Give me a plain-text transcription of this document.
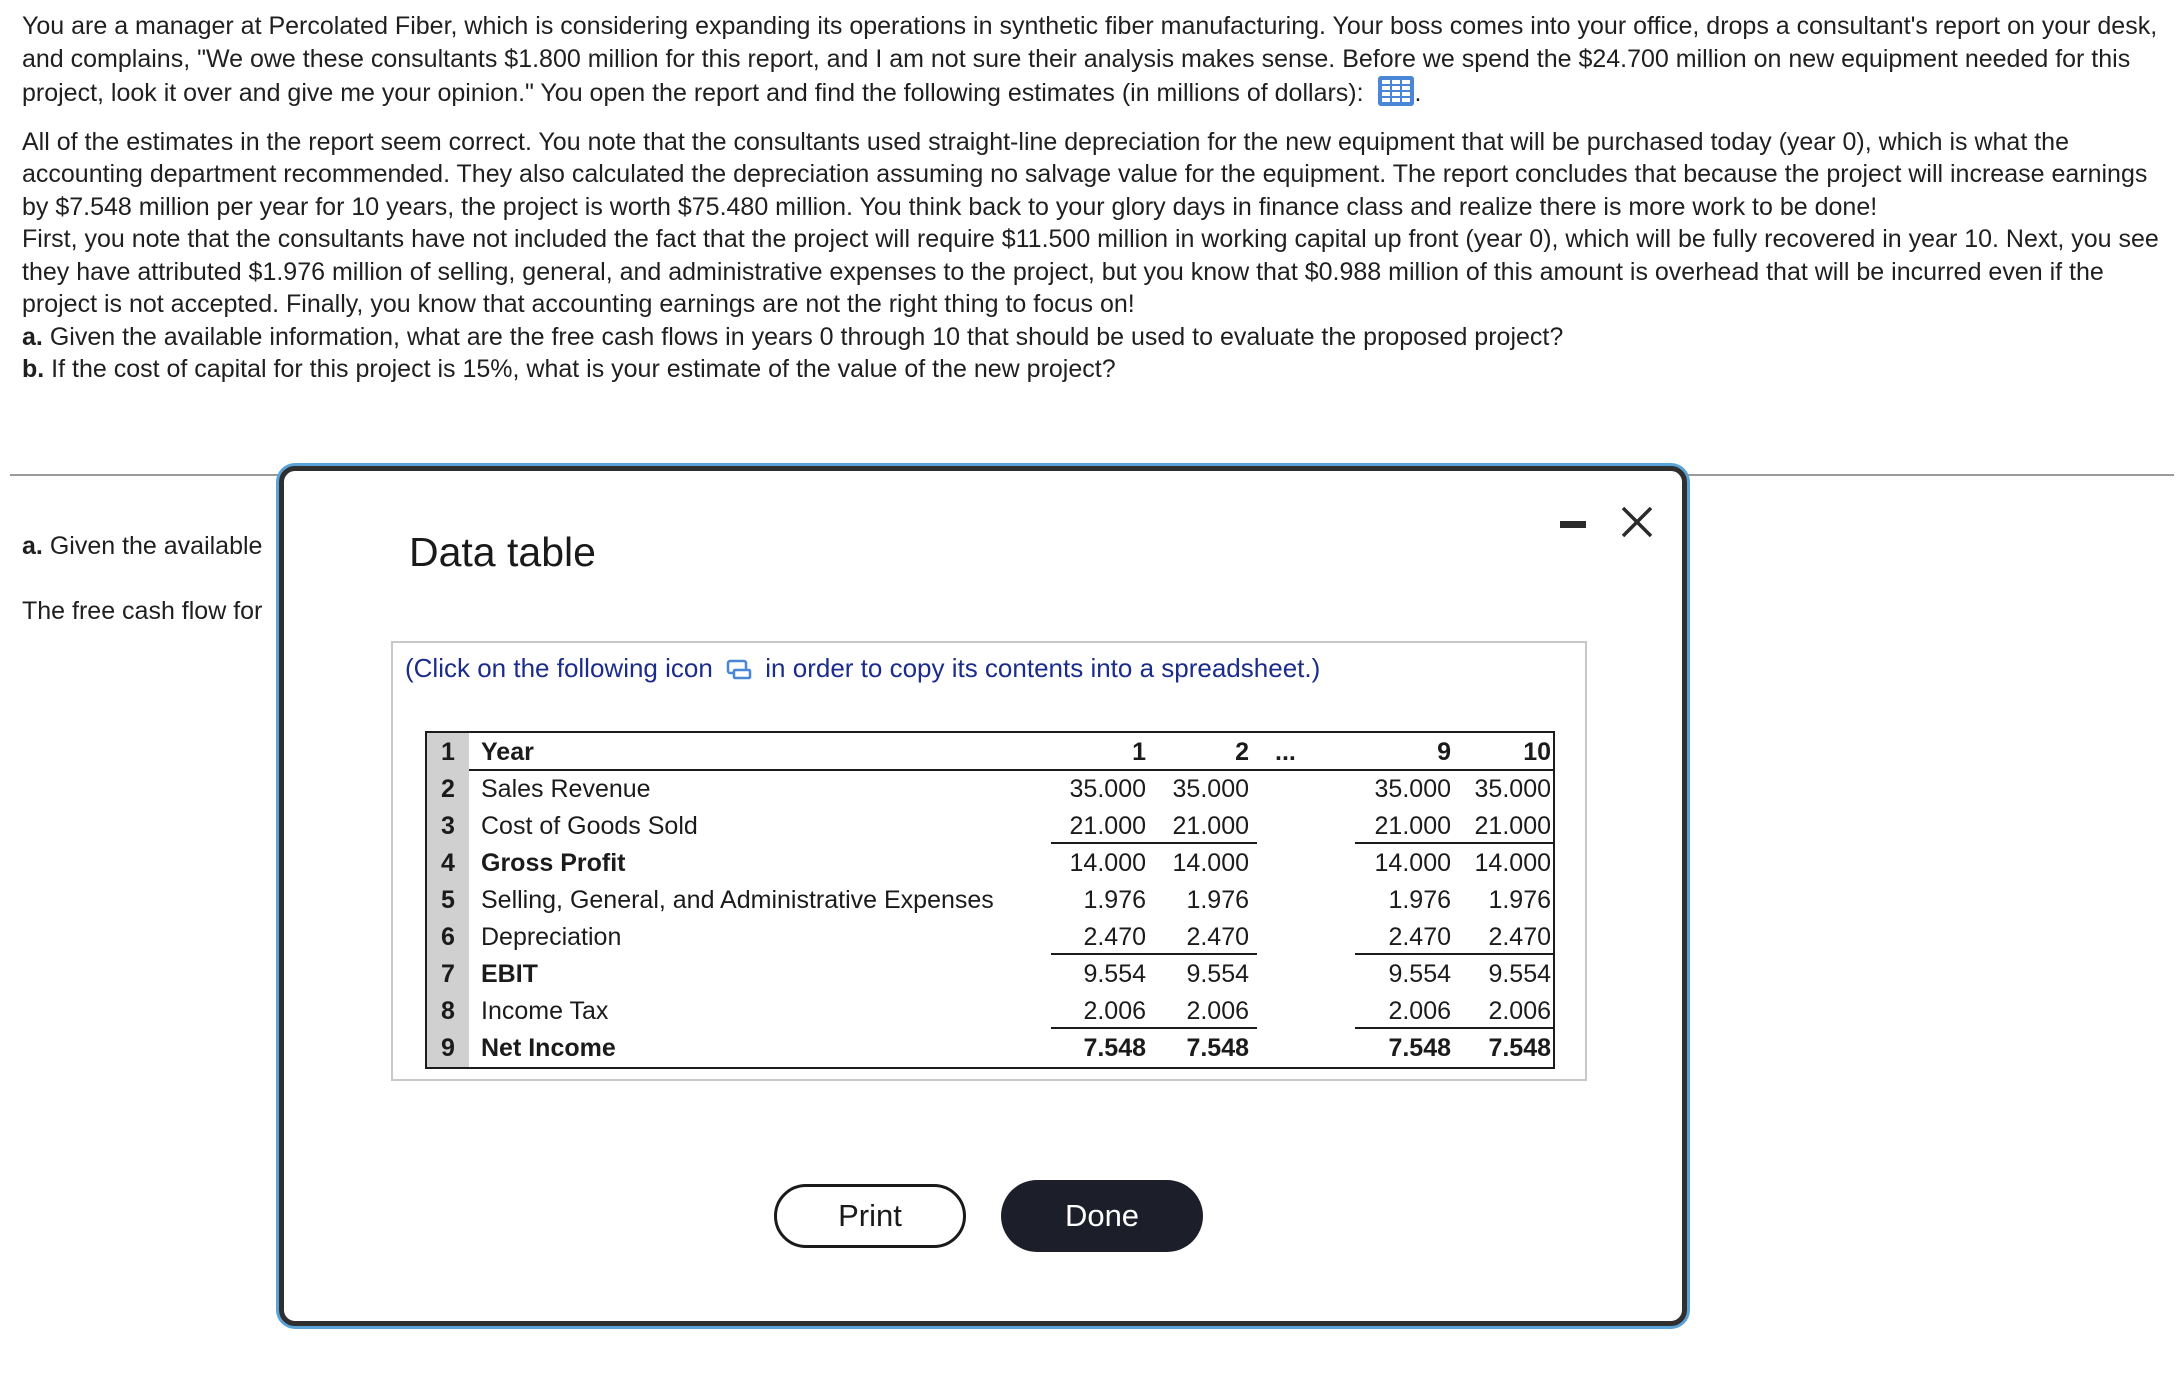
You are a manager at Percolated Fiber, which is considering expanding its operations in synthetic fiber manufacturing. Your boss comes into your office, drops a consultant's report on your desk, and complains, "We owe these consultants $1.800 million for this report, and I am not sure their analysis makes sense. Before we spend the $24.700 million on new equipment needed for this project, look it over and give me your opinion." You open the report and find the following estimates (in millions of dollars): .

All of the estimates in the report seem correct. You note that the consultants used straight-line depreciation for the new equipment that will be purchased today (year 0), which is what the accounting department recommended. They also calculated the depreciation assuming no salvage value for the equipment. The report concludes that because the project will increase earnings by $7.548 million per year for 10 years, the project is worth $75.480 million. You think back to your glory days in finance class and realize there is more work to be done!

First, you note that the consultants have not included the fact that the project will require $11.500 million in working capital up front (year 0), which will be fully recovered in year 10. Next, you see they have attributed $1.976 million of selling, general, and administrative expenses to the project, but you know that $0.988 million of this amount is overhead that will be incurred even if the project is not accepted. Finally, you know that accounting earnings are not the right thing to focus on!

a. Given the available information, what are the free cash flows in years 0 through 10 that should be used to evaluate the proposed project?

b. If the cost of capital for this project is 15%, what is your estimate of the value of the new project?

a. Given the available
The free cash flow for
Data table
(Click on the following icon in order to copy its contents into a spreadsheet.)
1	Year	1	2 ...	9	10
2	Sales Revenue	35.000 35.000	35.000 35.000
3	Cost of Goods Sold	21.000 21.000	21.000 21.000
4	Gross Profit	14.000 14.000	14.000 14.000
5	Selling, General, and Administrative Expenses	1.976 1.976	1.976 1.976
6	Depreciation	2.470 2.470	2.470 2.470
7	EBIT	9.554 9.554	9.554 9.554
8	Income Tax	2.006 2.006	2.006 2.006
9	Net Income	7.548 7.548	7.548 7.548
Print	Done
